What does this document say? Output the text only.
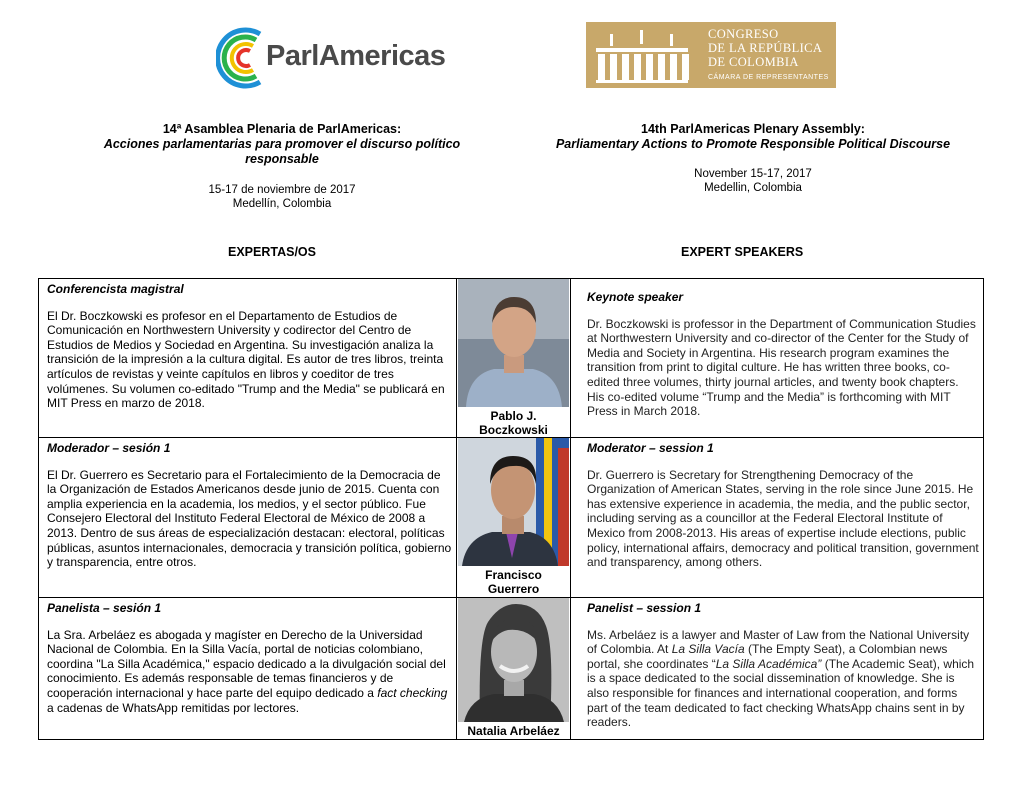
ParlAmericas
CONGRESO
DE LA REPÚBLICA
DE COLOMBIA
CÁMARA DE REPRESENTANTES
14ª Asamblea Plenaria de ParlAmericas:
Acciones parlamentarias para promover el discurso político responsable
15-17 de noviembre de 2017
Medellín, Colombia
14th ParlAmericas Plenary Assembly:
Parliamentary Actions to Promote Responsible Political Discourse
November 15-17, 2017
Medellin, Colombia
EXPERTAS/OS	EXPERT SPEAKERS
Conferencista magistral
El Dr. Boczkowski es profesor en el Departamento de Estudios de Comunicación en Northwestern University y codirector del Centro de Estudios de Medios y Sociedad en Argentina. Su investigación analiza la transición de la impresión a la cultura digital. Es autor de tres libros, treinta artículos de revistas y veinte capítulos en libros y coeditor de tres volúmenes. Su volumen co-editado "Trump and the Media" se publicará en MIT Press en marzo de 2018.
Pablo J. Boczkowski
Keynote speaker
Dr. Boczkowski is professor in the Department of Communication Studies at Northwestern University and co-director of the Center for the Study of Media and Society in Argentina. His research program examines the transition from print to digital culture. He has written three books, co-edited three volumes, thirty journal articles, and twenty book chapters. His co-edited volume “Trump and the Media” is forthcoming with MIT Press in March 2018.
Moderador – sesión 1
El Dr. Guerrero es Secretario para el Fortalecimiento de la Democracia de la Organización de Estados Americanos desde junio de 2015. Cuenta con amplia experiencia en la academia, los medios, y el sector público. Fue Consejero Electoral del Instituto Federal Electoral de México de 2008 a 2013. Dentro de sus áreas de especialización destacan: electoral, políticas públicas, asuntos internacionales, democracia y transición política, gobierno y transparencia, entre otros.
Francisco Guerrero
Moderator – session 1
Dr. Guerrero is Secretary for Strengthening Democracy of the Organization of American States, serving in the role since June 2015. He has extensive experience in academia, the media, and the public sector, including serving as a councillor at the Federal Electoral Institute of Mexico from 2008-2013. His areas of expertise include elections, public policy, international affairs, democracy and political transition, government and transparency, among others.
Panelista – sesión 1
La Sra. Arbeláez es abogada y magíster en Derecho de la Universidad Nacional de Colombia. En la Silla Vacía, portal de noticias colombiano, coordina "La Silla Académica," espacio dedicado a la divulgación social del conocimiento. Es además responsable de temas financieros y de cooperación internacional y hace parte del equipo dedicado a fact checking a cadenas de WhatsApp remitidas por lectores.
Natalia Arbeláez
Panelist – session 1
Ms. Arbeláez is a lawyer and Master of Law from the National University of Colombia. At La Silla Vacía (The Empty Seat), a Colombian news portal, she coordinates “La Silla Académica” (The Academic Seat), which is a space dedicated to the social dissemination of knowledge. She is also responsible for finances and international cooperation, and forms part of the team dedicated to fact checking WhatsApp chains sent in by readers.
